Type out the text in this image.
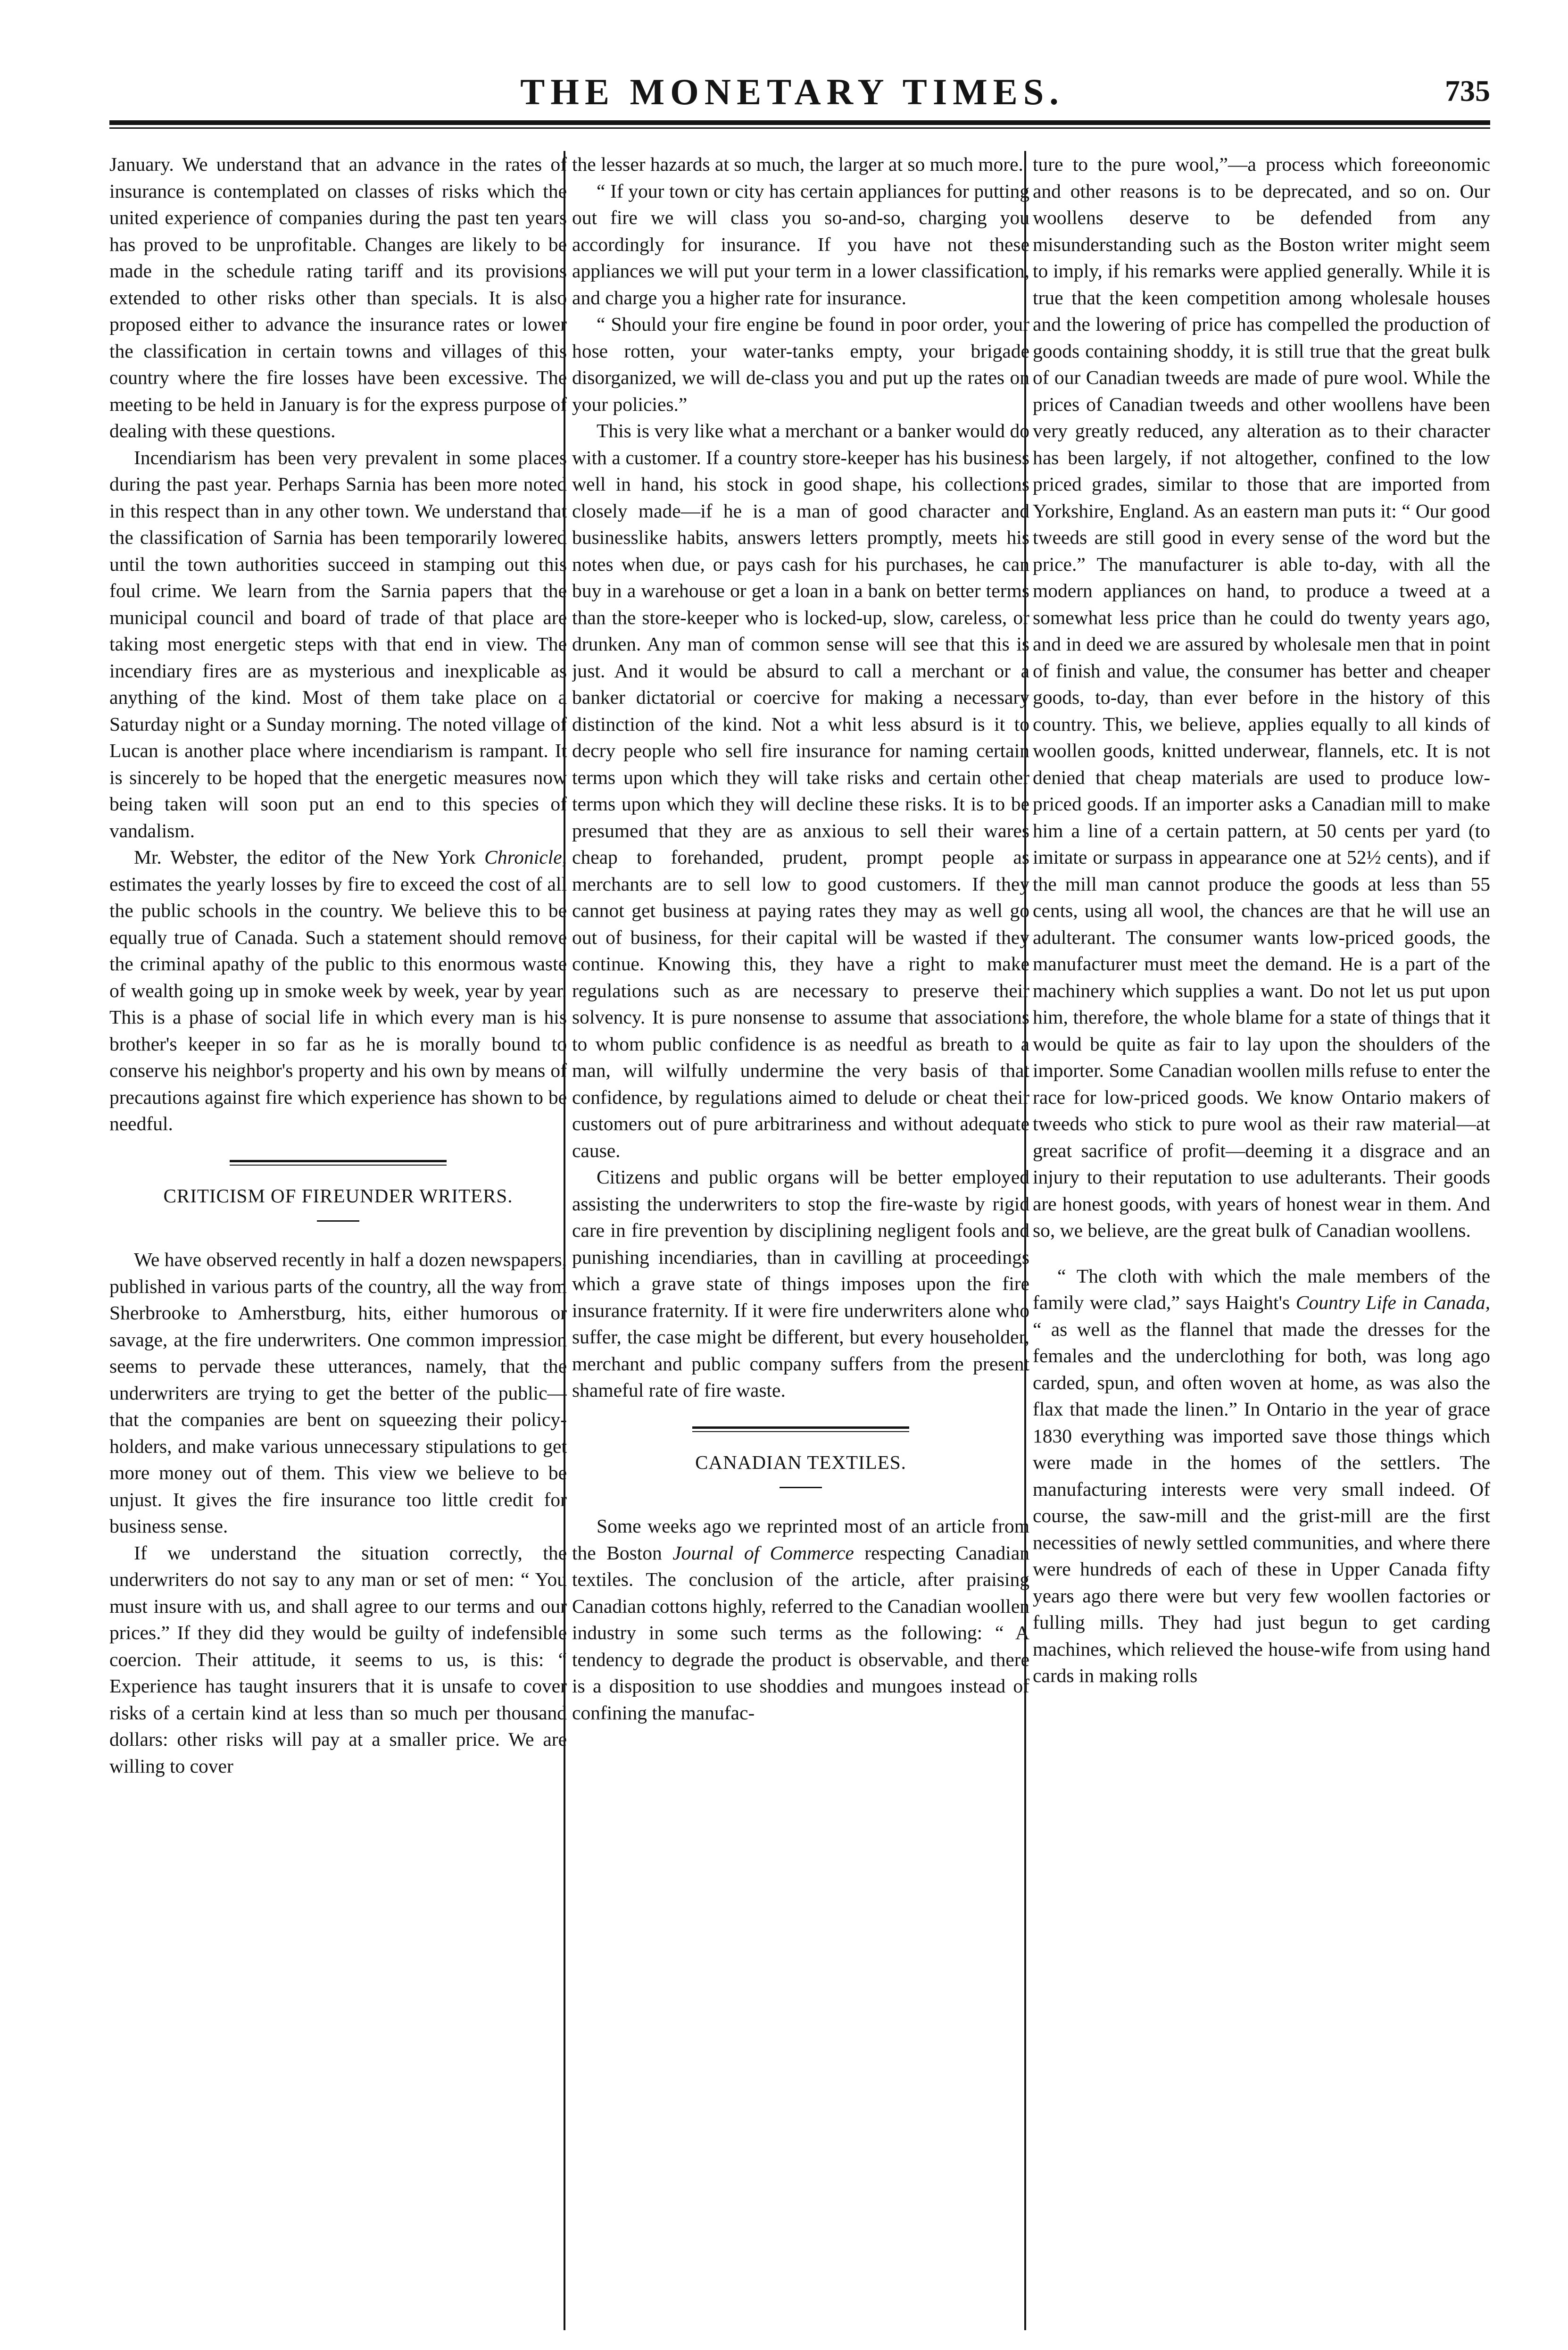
THE MONETARY TIMES.	735

January. We understand that an advance in the rates of insurance is contemplated on classes of risks which the united experience of companies during the past ten years has proved to be unprofitable. Changes are likely to be made in the schedule rating tariff and its provisions extended to other risks other than specials. It is also proposed either to advance the insurance rates or lower the classification in certain towns and villages of this country where the fire losses have been excessive. The meeting to be held in January is for the express purpose of dealing with these questions.

Incendiarism has been very prevalent in some places during the past year. Perhaps Sarnia has been more noted in this respect than in any other town. We understand that the classification of Sarnia has been temporarily lowered until the town authorities succeed in stamping out this foul crime. We learn from the Sarnia papers that the municipal council and board of trade of that place are taking most energetic steps with that end in view. The incendiary fires are as mysterious and inexplicable as anything of the kind. Most of them take place on a Saturday night or a Sunday morning. The noted village of Lucan is another place where incendiarism is rampant. It is sincerely to be hoped that the energetic measures now being taken will soon put an end to this species of vandalism.

Mr. Webster, the editor of the New York Chronicle, estimates the yearly losses by fire to exceed the cost of all the public schools in the country. We believe this to be equally true of Canada. Such a statement should remove the criminal apathy of the public to this enormous waste of wealth going up in smoke week by week, year by year. This is a phase of social life in which every man is his brother's keeper in so far as he is morally bound to conserve his neighbor's property and his own by means of precautions against fire which experience has shown to be needful.

CRITICISM OF FIREUNDER WRITERS.

We have observed recently in half a dozen newspapers, published in various parts of the country, all the way from Sherbrooke to Amherstburg, hits, either humorous or savage, at the fire underwriters. One common impression seems to pervade these utterances, namely, that the underwriters are trying to get the better of the public—that the companies are bent on squeezing their policy-holders, and make various unnecessary stipulations to get more money out of them. This view we believe to be unjust. It gives the fire insurance too little credit for business sense.

If we understand the situation correctly, the underwriters do not say to any man or set of men: “ You must insure with us, and shall agree to our terms and our prices.” If they did they would be guilty of indefensible coercion. Their attitude, it seems to us, is this: “ Experience has taught insurers that it is unsafe to cover risks of a certain kind at less than so much per thousand dollars: other risks will pay at a smaller price. We are willing to cover

the lesser hazards at so much, the larger at so much more.

“ If your town or city has certain appliances for putting out fire we will class you so-and-so, charging you accordingly for insurance. If you have not these appliances we will put your term in a lower classification, and charge you a higher rate for insurance.

“ Should your fire engine be found in poor order, your hose rotten, your water-tanks empty, your brigade disorganized, we will de-class you and put up the rates on your policies.”

This is very like what a merchant or a banker would do with a customer. If a country store-keeper has his business well in hand, his stock in good shape, his collections closely made—if he is a man of good character and businesslike habits, answers letters promptly, meets his notes when due, or pays cash for his purchases, he can buy in a warehouse or get a loan in a bank on better terms than the store-keeper who is locked-up, slow, careless, or drunken. Any man of common sense will see that this is just. And it would be absurd to call a merchant or a banker dictatorial or coercive for making a necessary distinction of the kind. Not a whit less absurd is it to decry people who sell fire insurance for naming certain terms upon which they will take risks and certain other terms upon which they will decline these risks. It is to be presumed that they are as anxious to sell their wares cheap to forehanded, prudent, prompt people as merchants are to sell low to good customers. If they cannot get business at paying rates they may as well go out of business, for their capital will be wasted if they continue. Knowing this, they have a right to make regulations such as are necessary to preserve their solvency. It is pure nonsense to assume that associations to whom public confidence is as needful as breath to a man, will wilfully undermine the very basis of that confidence, by regulations aimed to delude or cheat their customers out of pure arbitrariness and without adequate cause.

Citizens and public organs will be better employed assisting the underwriters to stop the fire-waste by rigid care in fire prevention by disciplining negligent fools and punishing incendiaries, than in cavilling at proceedings which a grave state of things imposes upon the fire insurance fraternity. If it were fire underwriters alone who suffer, the case might be different, but every householder, merchant and public company suffers from the present shameful rate of fire waste.

CANADIAN TEXTILES.

Some weeks ago we reprinted most of an article from the Boston Journal of Commerce respecting Canadian textiles. The conclusion of the article, after praising Canadian cottons highly, referred to the Canadian woollen industry in some such terms as the following: “ A tendency to degrade the product is observable, and there is a disposition to use shoddies and mungoes instead of confining the manufac-

ture to the pure wool,”—a process which foreeonomic and other reasons is to be deprecated, and so on. Our woollens deserve to be defended from any misunderstanding such as the Boston writer might seem to imply, if his remarks were applied generally. While it is true that the keen competition among wholesale houses and the lowering of price has compelled the production of goods containing shoddy, it is still true that the great bulk of our Canadian tweeds are made of pure wool. While the prices of Canadian tweeds and other woollens have been very greatly reduced, any alteration as to their character has been largely, if not altogether, confined to the low priced grades, similar to those that are imported from Yorkshire, England. As an eastern man puts it: “ Our good tweeds are still good in every sense of the word but the price.” The manufacturer is able to-day, with all the modern appliances on hand, to produce a tweed at a somewhat less price than he could do twenty years ago, and in deed we are assured by wholesale men that in point of finish and value, the consumer has better and cheaper goods, to-day, than ever before in the history of this country. This, we believe, applies equally to all kinds of woollen goods, knitted underwear, flannels, etc. It is not denied that cheap materials are used to produce low-priced goods. If an importer asks a Canadian mill to make him a line of a certain pattern, at 50 cents per yard (to imitate or surpass in appearance one at 52½ cents), and if the mill man cannot produce the goods at less than 55 cents, using all wool, the chances are that he will use an adulterant. The consumer wants low-priced goods, the manufacturer must meet the demand. He is a part of the machinery which supplies a want. Do not let us put upon him, therefore, the whole blame for a state of things that it would be quite as fair to lay upon the shoulders of the importer. Some Canadian woollen mills refuse to enter the race for low-priced goods. We know Ontario makers of tweeds who stick to pure wool as their raw material—at great sacrifice of profit—deeming it a disgrace and an injury to their reputation to use adulterants. Their goods are honest goods, with years of honest wear in them. And so, we believe, are the great bulk of Canadian woollens.

“ The cloth with which the male members of the family were clad,” says Haight's Country Life in Canada, “ as well as the flannel that made the dresses for the females and the underclothing for both, was long ago carded, spun, and often woven at home, as was also the flax that made the linen.” In Ontario in the year of grace 1830 everything was imported save those things which were made in the homes of the settlers. The manufacturing interests were very small indeed. Of course, the saw-mill and the grist-mill are the first necessities of newly settled communities, and where there were hundreds of each of these in Upper Canada fifty years ago there were but very few woollen factories or fulling mills. They had just begun to get carding machines, which relieved the house-wife from using hand cards in making rolls
